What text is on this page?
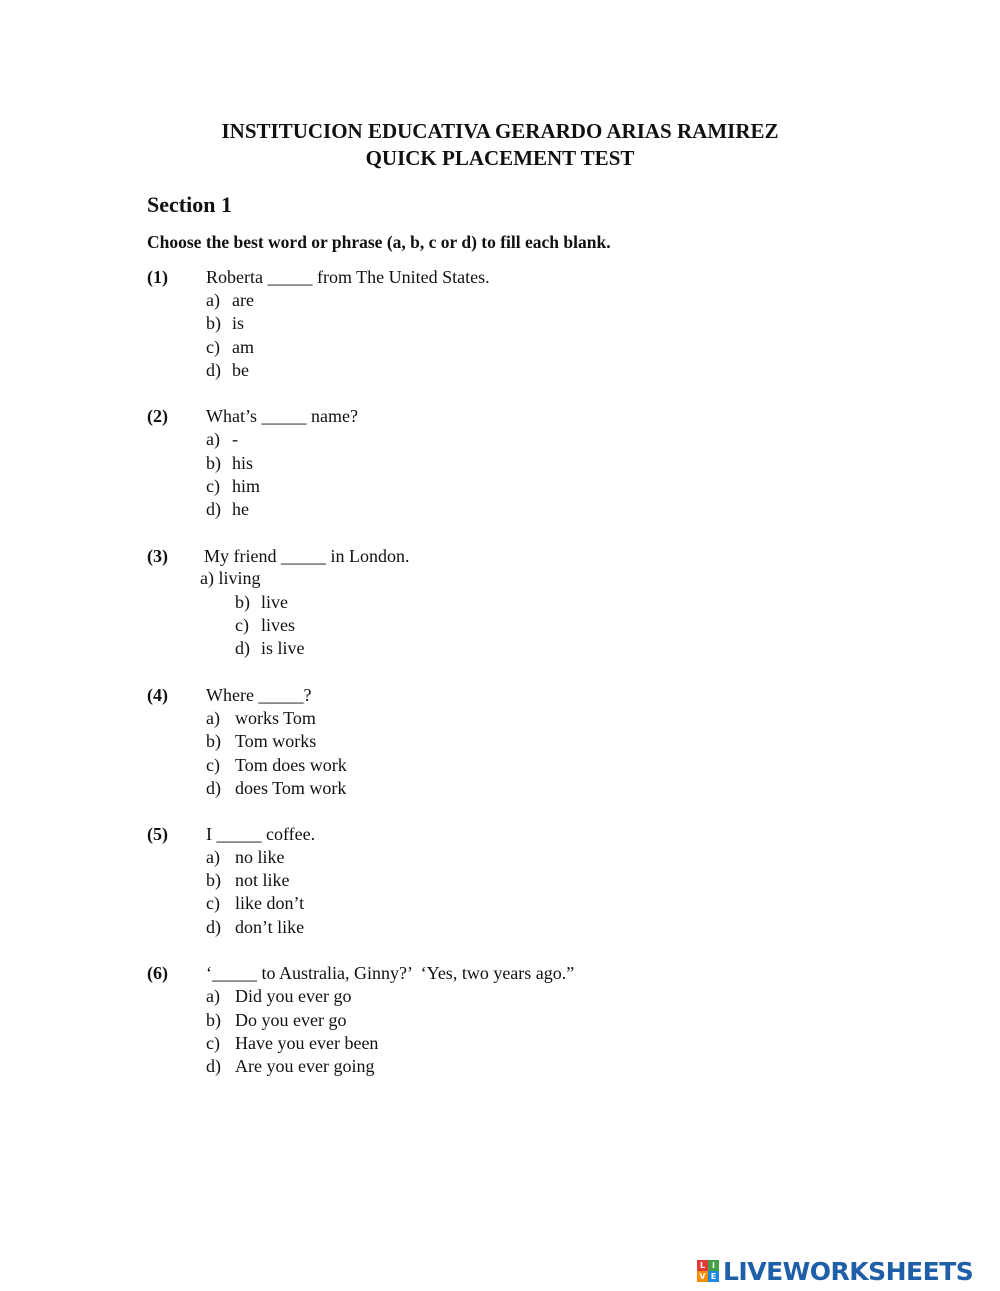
INSTITUCION EDUCATIVA GERARDO ARIAS RAMIREZ
QUICK PLACEMENT TEST
Section 1
Choose the best word or phrase (a, b, c or d) to fill each blank.
(1) Roberta _____ from The United States.
a) are
b) is
c) am
d) be
(2) What’s _____ name?
a) -
b) his
c) him
d) he
(3) My friend _____ in London.
a) living
b) live
c) lives
d) is live
(4) Where _____?
a) works Tom
b) Tom works
c) Tom does work
d) does Tom work
(5) I _____ coffee.
a) no like
b) not like
c) like don’t
d) don’t like
(6) ‘_____ to Australia, Ginny?’  ‘Yes, two years ago.”
a) Did you ever go
b) Do you ever go
c) Have you ever been
d) Are you ever going
L I
V E LIVEWORKSHEETS
